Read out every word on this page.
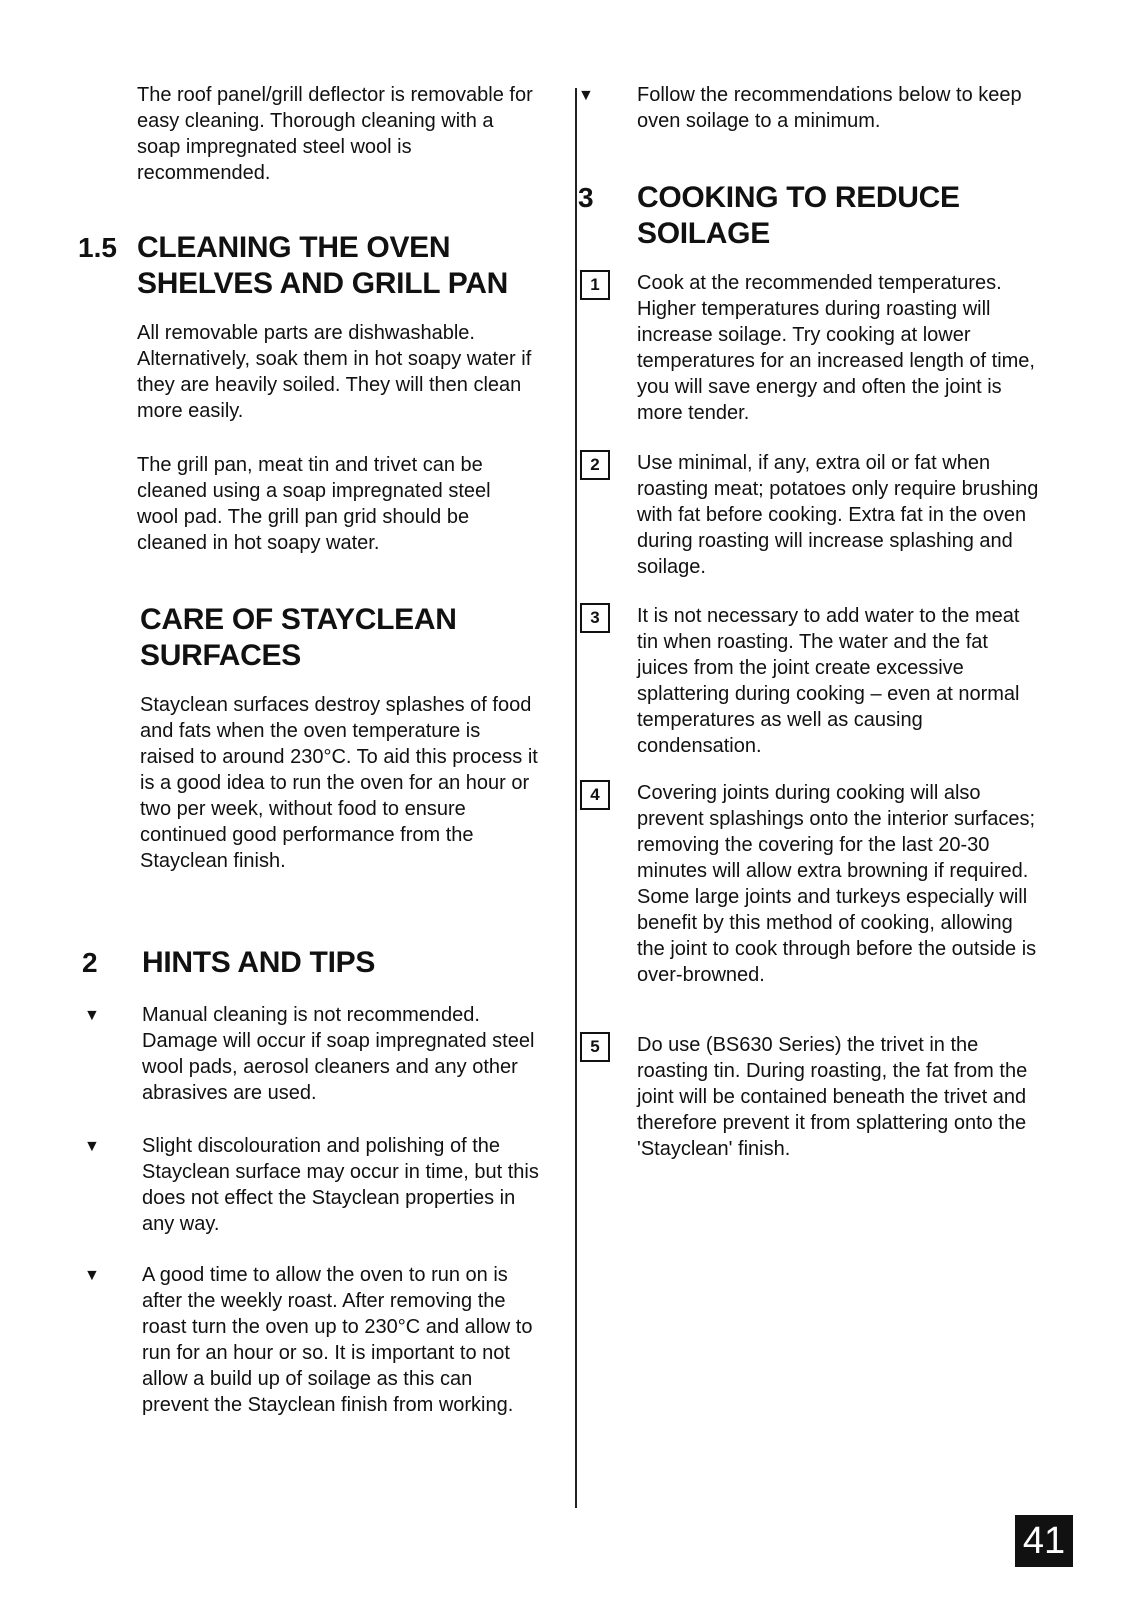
The roof panel/grill deflector is removable for easy cleaning. Thorough cleaning with a soap impregnated steel wool is recommended.

1.5 CLEANING THE OVEN SHELVES AND GRILL PAN

All removable parts are dishwashable. Alternatively, soak them in hot soapy water if they are heavily soiled. They will then clean more easily.

The grill pan, meat tin and trivet can be cleaned using a soap impregnated steel wool pad. The grill pan grid should be cleaned in hot soapy water.

CARE OF STAYCLEAN SURFACES

Stayclean surfaces destroy splashes of food and fats when the oven temperature is raised to around 230°C. To aid this process it is a good idea to run the oven for an hour or two per week, without food to ensure continued good performance from the Stayclean finish.

2 HINTS AND TIPS
▼ Manual cleaning is not recommended. Damage will occur if soap impregnated steel wool pads, aerosol cleaners and any other abrasives are used.

▼ Slight discolouration and polishing of the Stayclean surface may occur in time, but this does not effect the Stayclean properties in any way.

▼ A good time to allow the oven to run on is after the weekly roast. After removing the roast turn the oven up to 230°C and allow to run for an hour or so. It is important to not allow a build up of soilage as this can prevent the Stayclean finish from working.

▼ Follow the recommendations below to keep oven soilage to a minimum.

3 COOKING TO REDUCE SOILAGE
1	Cook at the recommended temperatures. Higher temperatures during roasting will increase soilage. Try cooking at lower temperatures for an increased length of time, you will save energy and often the joint is more tender.

2	Use minimal, if any, extra oil or fat when roasting meat; potatoes only require brushing with fat before cooking. Extra fat in the oven during roasting will increase splashing and soilage.

3	It is not necessary to add water to the meat tin when roasting. The water and the fat juices from the joint create excessive splattering during cooking – even at normal temperatures as well as causing condensation.

4	Covering joints during cooking will also prevent splashings onto the interior surfaces; removing the covering for the last 20-30 minutes will allow extra browning if required. Some large joints and turkeys especially will benefit by this method of cooking, allowing the joint to cook through before the outside is over-browned.

5	Do use (BS630 Series) the trivet in the roasting tin. During roasting, the fat from the joint will be contained beneath the trivet and therefore prevent it from splattering onto the 'Stayclean' finish.

41
